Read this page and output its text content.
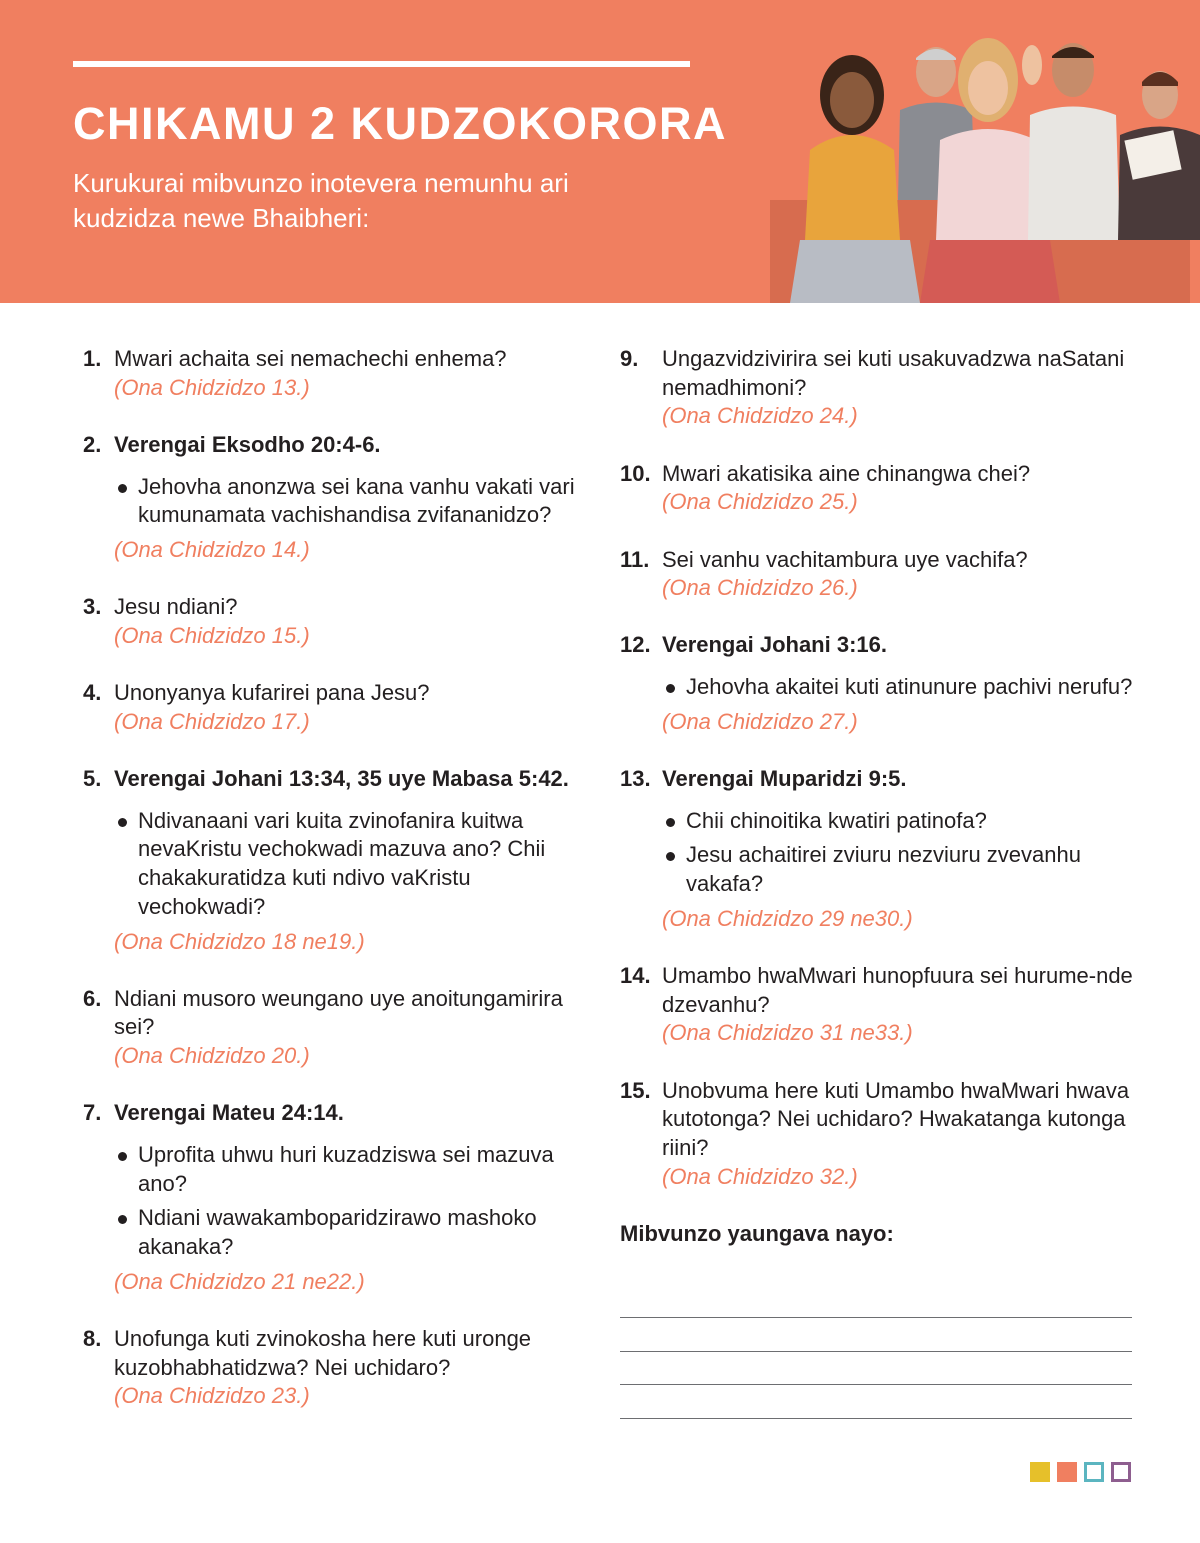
CHIKAMU 2 KUDZOKORORA
Kurukurai mibvunzo inotevera nemunhu ari kudzidza newe Bhaibheri:
1. Mwari achaita sei nemachechi enhema?
(Ona Chidzidzo 13.)
2. Verengai Eksodho 20:4-6.
Jehovha anonzwa sei kana vanhu vakati vari kumunamata vachishandisa zvifananidzo?
(Ona Chidzidzo 14.)
3. Jesu ndiani?
(Ona Chidzidzo 15.)
4. Unonyanya kufarirei pana Jesu?
(Ona Chidzidzo 17.)
5. Verengai Johani 13:34, 35 uye Mabasa 5:42.
Ndivanaani vari kuita zvinofanira kuitwa nevaKristu vechokwadi mazuva ano? Chii chakakuratidza kuti ndivo vaKristu vechokwadi?
(Ona Chidzidzo 18 ne19.)
6. Ndiani musoro weungano uye anoitungamirira sei?
(Ona Chidzidzo 20.)
7. Verengai Mateu 24:14.
Uprofita uhwu huri kuzadziswa sei mazuva ano?
Ndiani wawakamboparidzirawo mashoko akanaka?
(Ona Chidzidzo 21 ne22.)
8. Unofunga kuti zvinokosha here kuti uronge kuzobhabhatidzwa? Nei uchidaro?
(Ona Chidzidzo 23.)
9. Ungazvidzivirira sei kuti usakuvadzwa naSatani nemadhimoni?
(Ona Chidzidzo 24.)
10. Mwari akatisika aine chinangwa chei?
(Ona Chidzidzo 25.)
11. Sei vanhu vachitambura uye vachifa?
(Ona Chidzidzo 26.)
12. Verengai Johani 3:16.
Jehovha akaitei kuti atinunure pachivi nerufu?
(Ona Chidzidzo 27.)
13. Verengai Muparidzi 9:5.
Chii chinoitika kwatiri patinofa?
Jesu achaitirei zviuru nezviuru zvevanhu vakafa?
(Ona Chidzidzo 29 ne30.)
14. Umambo hwaMwari hunopfuura sei hurume-nde dzevanhu?
(Ona Chidzidzo 31 ne33.)
15. Unobvuma here kuti Umambo hwaMwari hwava kutotonga? Nei uchidaro? Hwakatanga kutonga riini?
(Ona Chidzidzo 32.)
Mibvunzo yaungava nayo:
